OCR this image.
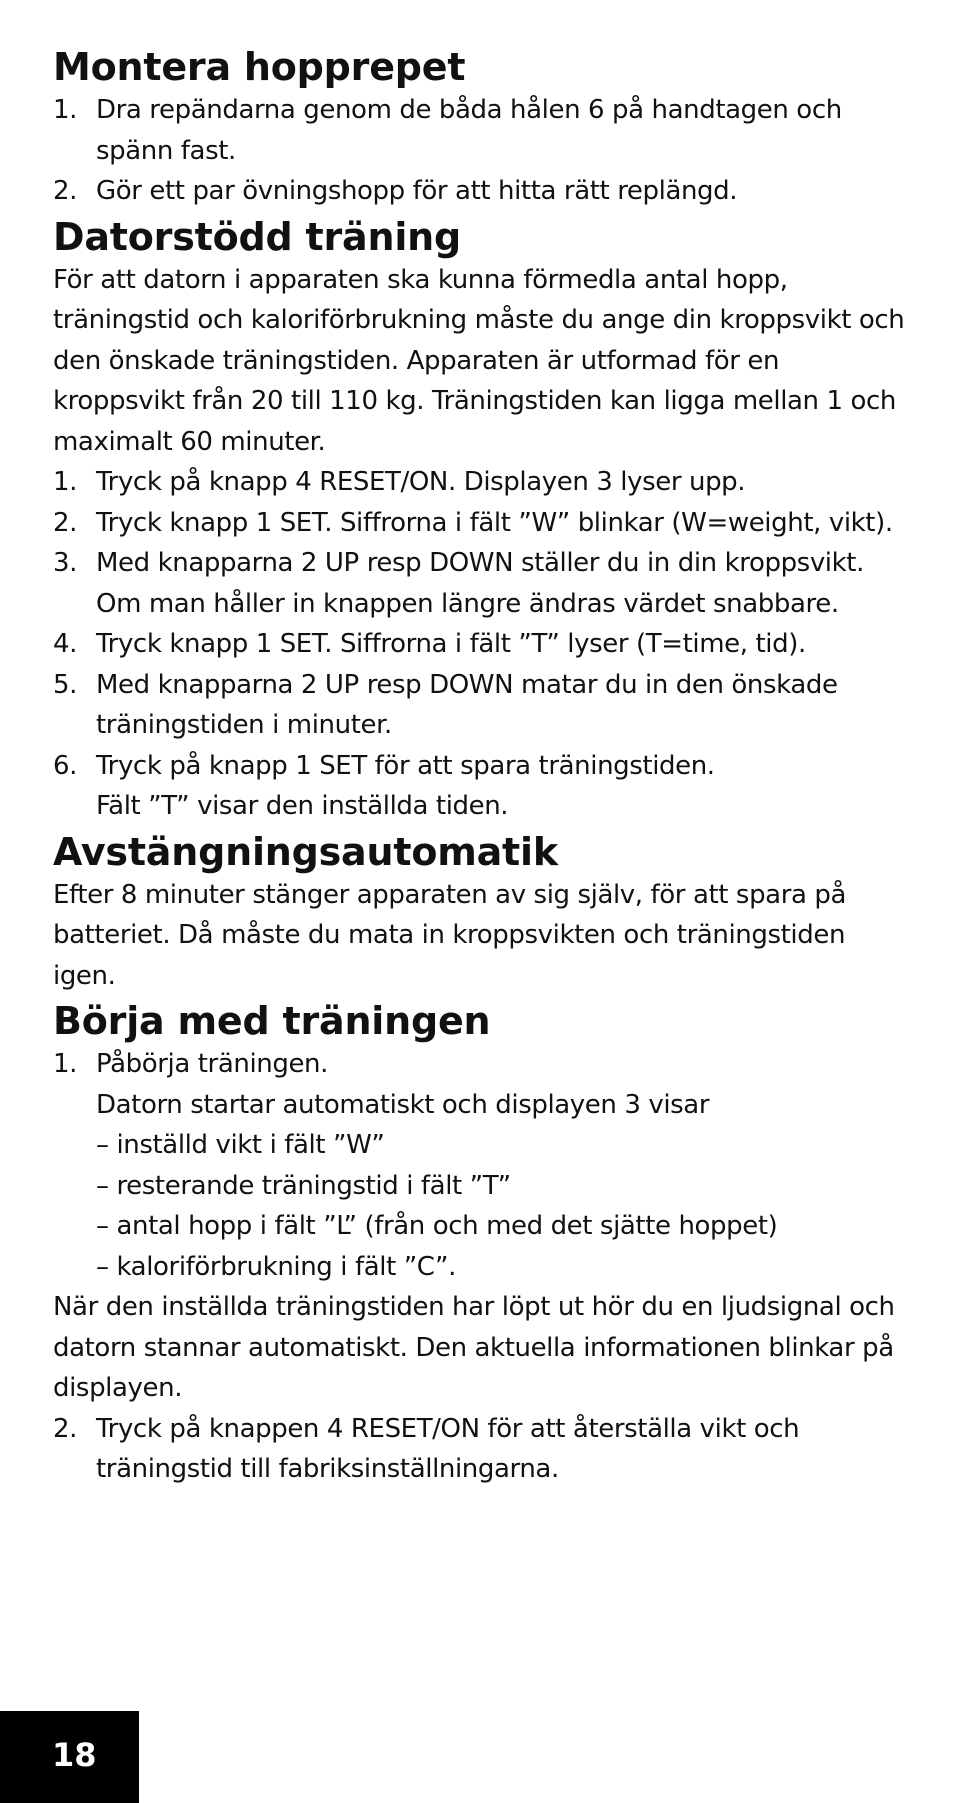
Montera hopprepet
1. Dra repändarna genom de båda hålen 6 på handtagen och spänn fast.
2. Gör ett par övningshopp för att hitta rätt replängd.
Datorstödd träning

För att datorn i apparaten ska kunna förmedla antal hopp, träningstid och kaloriförbrukning måste du ange din kroppsvikt och den önskade träningstiden. Apparaten är utformad för en kroppsvikt från 20 till 110 kg. Träningstiden kan ligga mellan 1 och maximalt 60 minuter.

1. Tryck på knapp 4 RESET/ON. Displayen 3 lyser upp.
2. Tryck knapp 1 SET. Siffrorna i fält ”W” blinkar (W=weight, vikt).
3. Med knapparna 2 UP resp DOWN ställer du in din kroppsvikt. Om man håller in knappen längre ändras värdet snabbare.
4. Tryck knapp 1 SET. Siffrorna i fält ”T” lyser (T=time, tid).
5. Med knapparna 2 UP resp DOWN matar du in den önskade träningstiden i minuter.
6. Tryck på knapp 1 SET för att spara träningstiden.
Fält ”T” visar den inställda tiden.
Avstängningsautomatik

Efter 8 minuter stänger apparaten av sig själv, för att spara på batteriet. Då måste du mata in kroppsvikten och träningstiden igen.

Börja med träningen
1. Påbörja träningen.
Datorn startar automatiskt och displayen 3 visar
– inställd vikt i fält ”W”
– resterande träningstid i fält ”T”
– antal hopp i fält ”L” (från och med det sjätte hoppet)
– kaloriförbrukning i fält ”C”.

När den inställda träningstiden har löpt ut hör du en ljudsignal och datorn stannar automatiskt. Den aktuella informationen blinkar på displayen.

2. Tryck på knappen 4 RESET/ON för att återställa vikt och träningstid till fabriksinställningarna.
18
